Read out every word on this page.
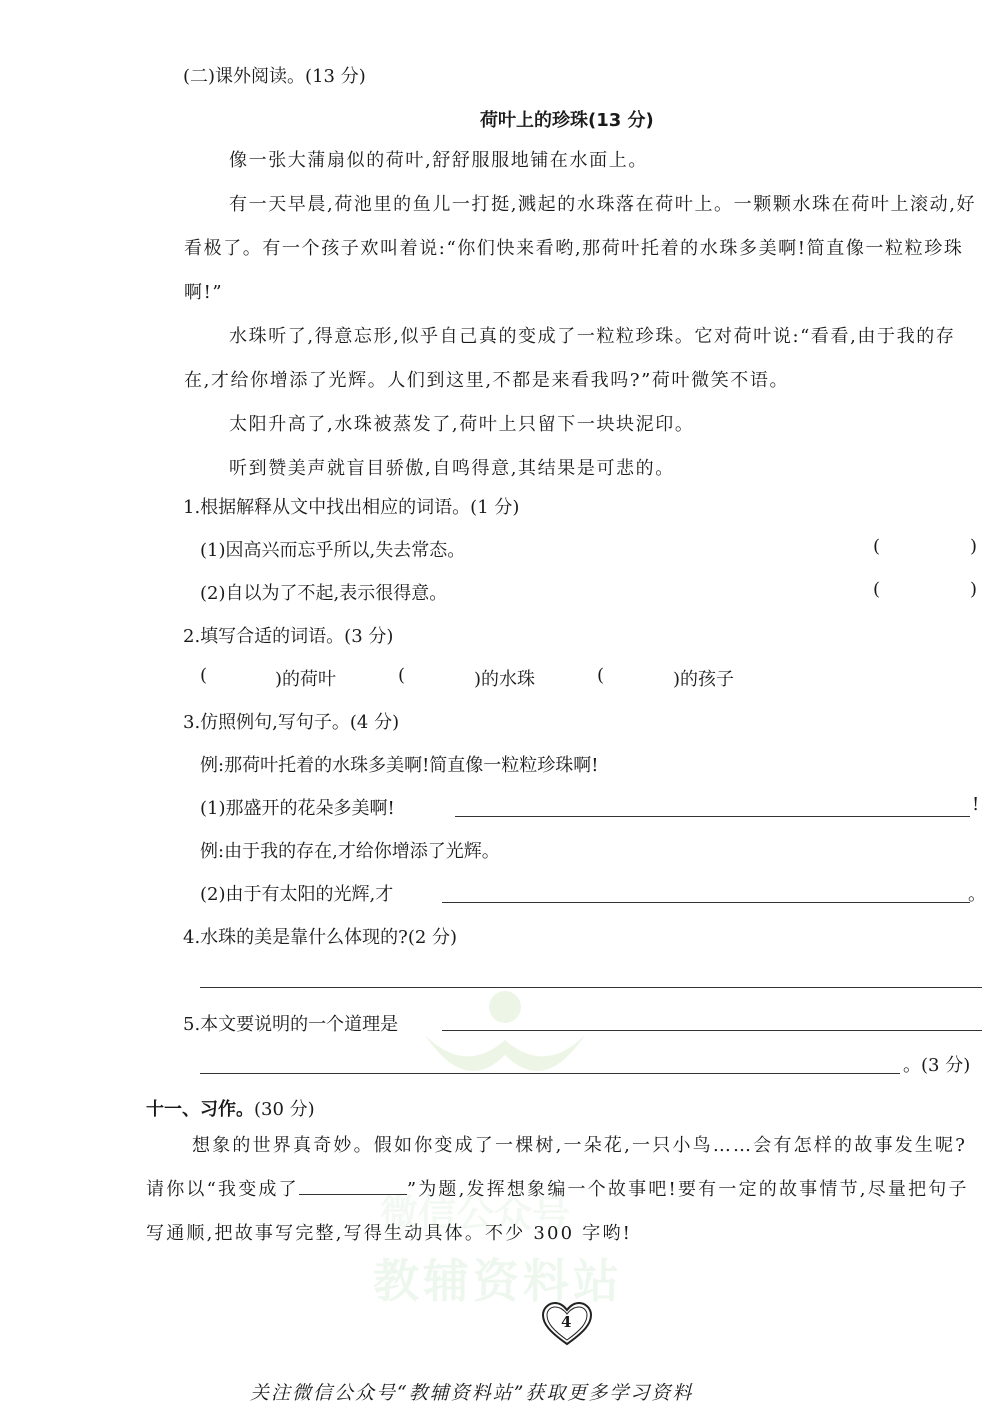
微信公众号
教辅资料站
(二)课外阅读。(13 分)
荷叶上的珍珠(13 分)
像一张大蒲扇似的荷叶,舒舒服服地铺在水面上。
有一天早晨,荷池里的鱼儿一打挺,溅起的水珠落在荷叶上。一颗颗水珠在荷叶上滚动,好看极了。有一个孩子欢叫着说:“你们快来看哟,那荷叶托着的水珠多美啊!简直像一粒粒珍珠啊!”
水珠听了,得意忘形,似乎自己真的变成了一粒粒珍珠。它对荷叶说:“看看,由于我的存在,才给你增添了光辉。人们到这里,不都是来看我吗?”荷叶微笑不语。
太阳升高了,水珠被蒸发了,荷叶上只留下一块块泥印。
听到赞美声就盲目骄傲,自鸣得意,其结果是可悲的。
1.根据解释从文中找出相应的词语。(1 分)
(1)因高兴而忘乎所以,失去常态。	(	)
(2)自以为了不起,表示很得意。	(	)
2.填写合适的词语。(3 分)
(	)的荷叶	(	)的水珠	(	)的孩子
3.仿照例句,写句子。(4 分)
例:那荷叶托着的水珠多美啊!简直像一粒粒珍珠啊!
(1)那盛开的花朵多美啊!	!
例:由于我的存在,才给你增添了光辉。
(2)由于有太阳的光辉,才	。
4.水珠的美是靠什么体现的?(2 分)
5.本文要说明的一个道理是
。(3 分)
十一、习作。(30 分)
想象的世界真奇妙。假如你变成了一棵树,一朵花,一只小鸟……会有怎样的故事发生呢?请你以“我变成了	”为题,发挥想象编一个故事吧!要有一定的故事情节,尽量把句子写通顺,把故事写完整,写得生动具体。不少 300 字哟!
4
关注微信公众号“教辅资料站”获取更多学习资料
